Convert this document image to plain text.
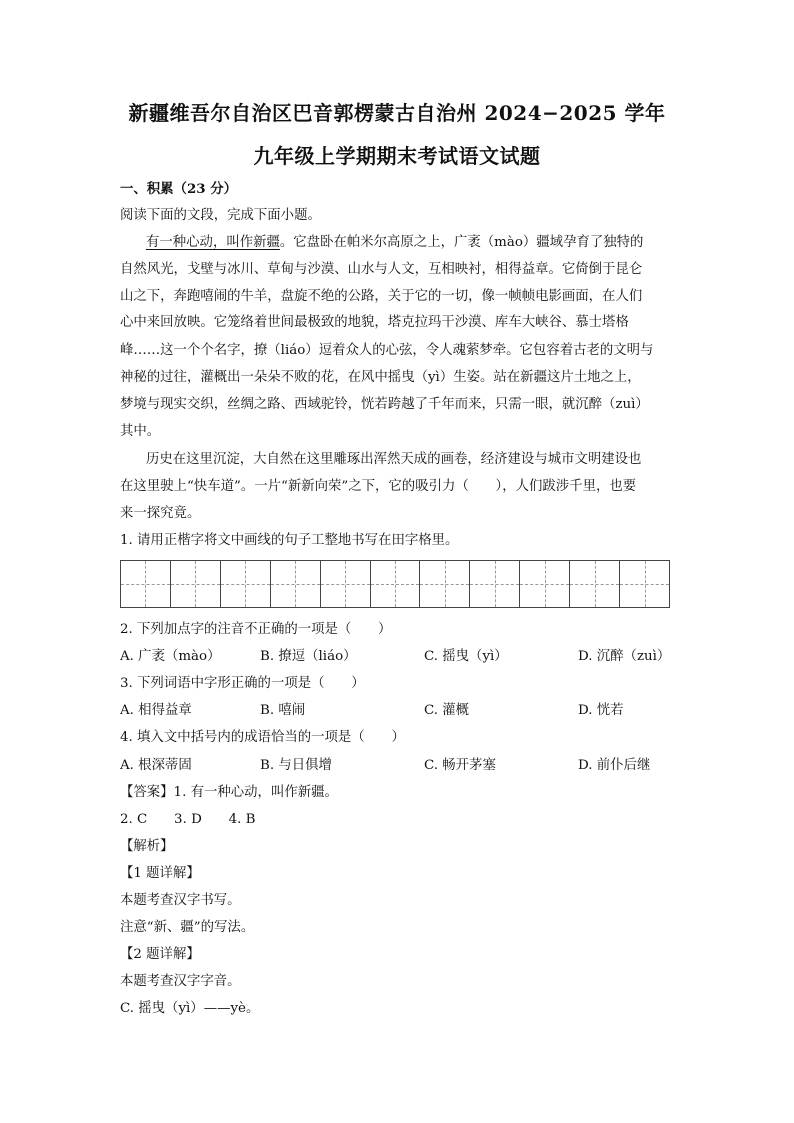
新疆维吾尔自治区巴音郭楞蒙古自治州 2024−2025 学年
九年级上学期期末考试语文试题
一、积累（23 分）
阅读下面的文段，完成下面小题。
有一种心动，叫作新疆。它盘卧在帕米尔高原之上，广袤（mào）疆域孕育了独特的
自然风光，戈壁与冰川、草甸与沙漠、山水与人文，互相映衬，相得益章。它倚倒于昆仑
山之下，奔跑嘻闹的牛羊，盘旋不绝的公路，关于它的一切，像一帧帧电影画面，在人们
心中来回放映。它笼络着世间最极致的地貌，塔克拉玛干沙漠、库车大峡谷、慕士塔格
峰……这一个个名字，撩（liáo）逗着众人的心弦，令人魂萦梦牵。它包容着古老的文明与
神秘的过往，灌概出一朵朵不败的花，在风中摇曳（yì）生姿。站在新疆这片土地之上，
梦境与现实交织，丝绸之路、西域驼铃，恍若跨越了千年而来，只需一眼，就沉醉（zuì）
其中。
历史在这里沉淀，大自然在这里雕琢出浑然天成的画卷，经济建设与城市文明建设也
在这里驶上“快车道”。一片“新新向荣”之下，它的吸引力（　　），人们跋涉千里，也要
来一探究竟。
1. 请用正楷字将文中画线的句子工整地书写在田字格里。
2. 下列加点字的注音不正确的一项是（　　）
A. 广袤（mào）	B. 撩逗（liáo）	C. 摇曳（yì）	D. 沉醉（zuì）
3. 下列词语中字形正确的一项是（　　）
A. 相得益章	B. 嘻闹	C. 灌概	D. 恍若
4. 填入文中括号内的成语恰当的一项是（　　）
A. 根深蒂固	B. 与日俱增	C. 畅开茅塞	D. 前仆后继
【答案】1. 有一种心动，叫作新疆。
2. C　　3. D　　4. B
【解析】
【1 题详解】
本题考查汉字书写。
注意“新、疆”的写法。
【2 题详解】
本题考查汉字字音。
C. 摇曳（yì）——yè。
